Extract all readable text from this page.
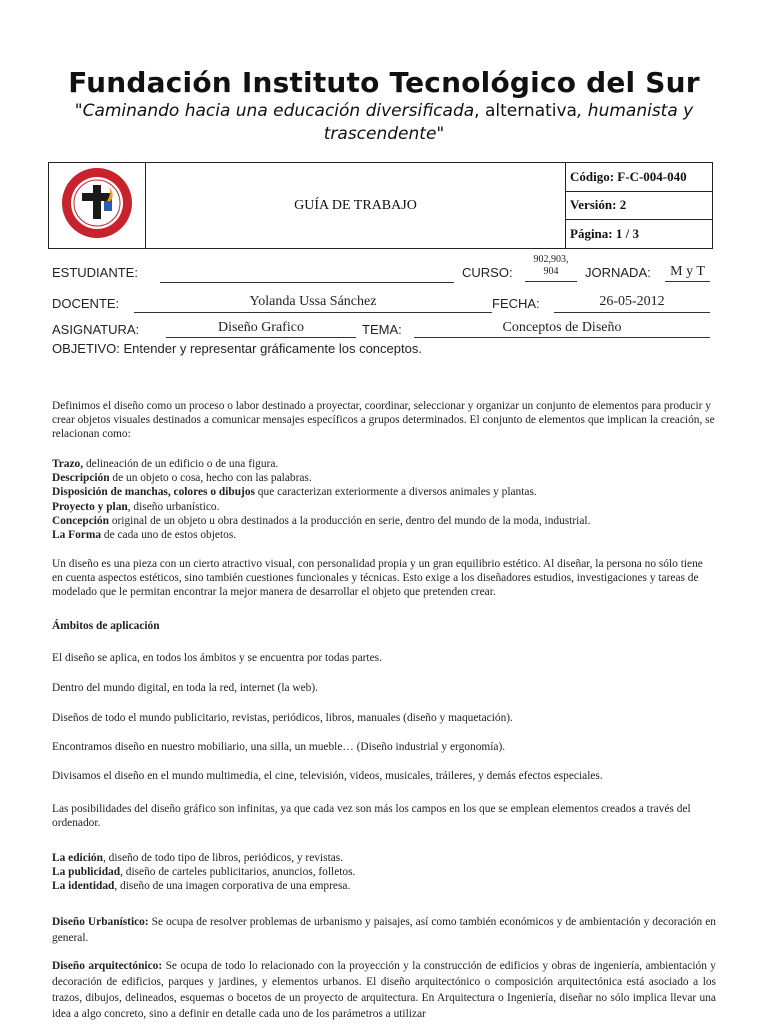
Fundación Instituto Tecnológico del Sur
"Caminando hacia una educación diversificada, alternativa, humanista y trascendente"
	GUÍA DE TRABAJO	Código: F-C-004-040
Versión: 2
Página: 1 / 3
ESTUDIANTE:	CURSO:
902,903,
904	JORNADA:	M y T
DOCENTE:	Yolanda Ussa Sánchez	FECHA:	26-05-2012
ASIGNATURA:	Diseño Grafico	TEMA:	Conceptos de Diseño
OBJETIVO: Entender y representar gráficamente los conceptos.
Definimos el diseño como un proceso o labor destinado a proyectar, coordinar, seleccionar y organizar un conjunto de elementos para producir y crear objetos visuales destinados a comunicar mensajes específicos a grupos determinados. El conjunto de elementos que implican la creación, se relacionan como:

Trazo, delineación de un edificio o de una figura.

Descripción de un objeto o cosa, hecho con las palabras.

Disposición de manchas, colores o dibujos que caracterizan exteriormente a diversos animales y plantas.

Proyecto y plan, diseño urbanístico.

Concepción original de un objeto u obra destinados a la producción en serie, dentro del mundo de la moda, industrial.

La Forma de cada uno de estos objetos.

Un diseño es una pieza con un cierto atractivo visual, con personalidad propia y un gran equilibrio estético. Al diseñar, la persona no sólo tiene en cuenta aspectos estéticos, sino también cuestiones funcionales y técnicas. Esto exige a los diseñadores estudios, investigaciones y tareas de modelado que le permitan encontrar la mejor manera de desarrollar el objeto que pretenden crear.
Ámbitos de aplicación
El diseño se aplica, en todos los ámbitos y se encuentra por todas partes.
Dentro del mundo digital, en toda la red, internet (la web).
Diseños de todo el mundo publicitario, revistas, periódicos, libros, manuales (diseño y maquetación).
Encontramos diseño en nuestro mobiliario, una silla, un mueble… (Diseño industrial y ergonomía).
Divisamos el diseño en el mundo multimedia, el cine, televisión, videos, musicales, tráileres, y demás efectos especiales.
Las posibilidades del diseño gráfico son infinitas, ya que cada vez son más los campos en los que se emplean elementos creados a través del ordenador.

La edición, diseño de todo tipo de libros, periódicos, y revistas.

La publicidad, diseño de carteles publicitarios, anuncios, folletos.

La identidad, diseño de una imagen corporativa de una empresa.

Diseño Urbanístico: Se ocupa de resolver problemas de urbanismo y paisajes, así como también económicos y de ambientación y decoración en general.
Diseño arquitectónico: Se ocupa de todo lo relacionado con la proyección y la construcción de edificios y obras de ingeniería, ambientación y decoración de edificios, parques y jardines, y elementos urbanos. El diseño arquitectónico o composición arquitectónica está asociado a los trazos, dibujos, delineados, esquemas o bocetos de un proyecto de arquitectura. En Arquitectura o Ingeniería, diseñar no sólo implica llevar una idea a algo concreto, sino a definir en detalle cada uno de los parámetros a utilizar
